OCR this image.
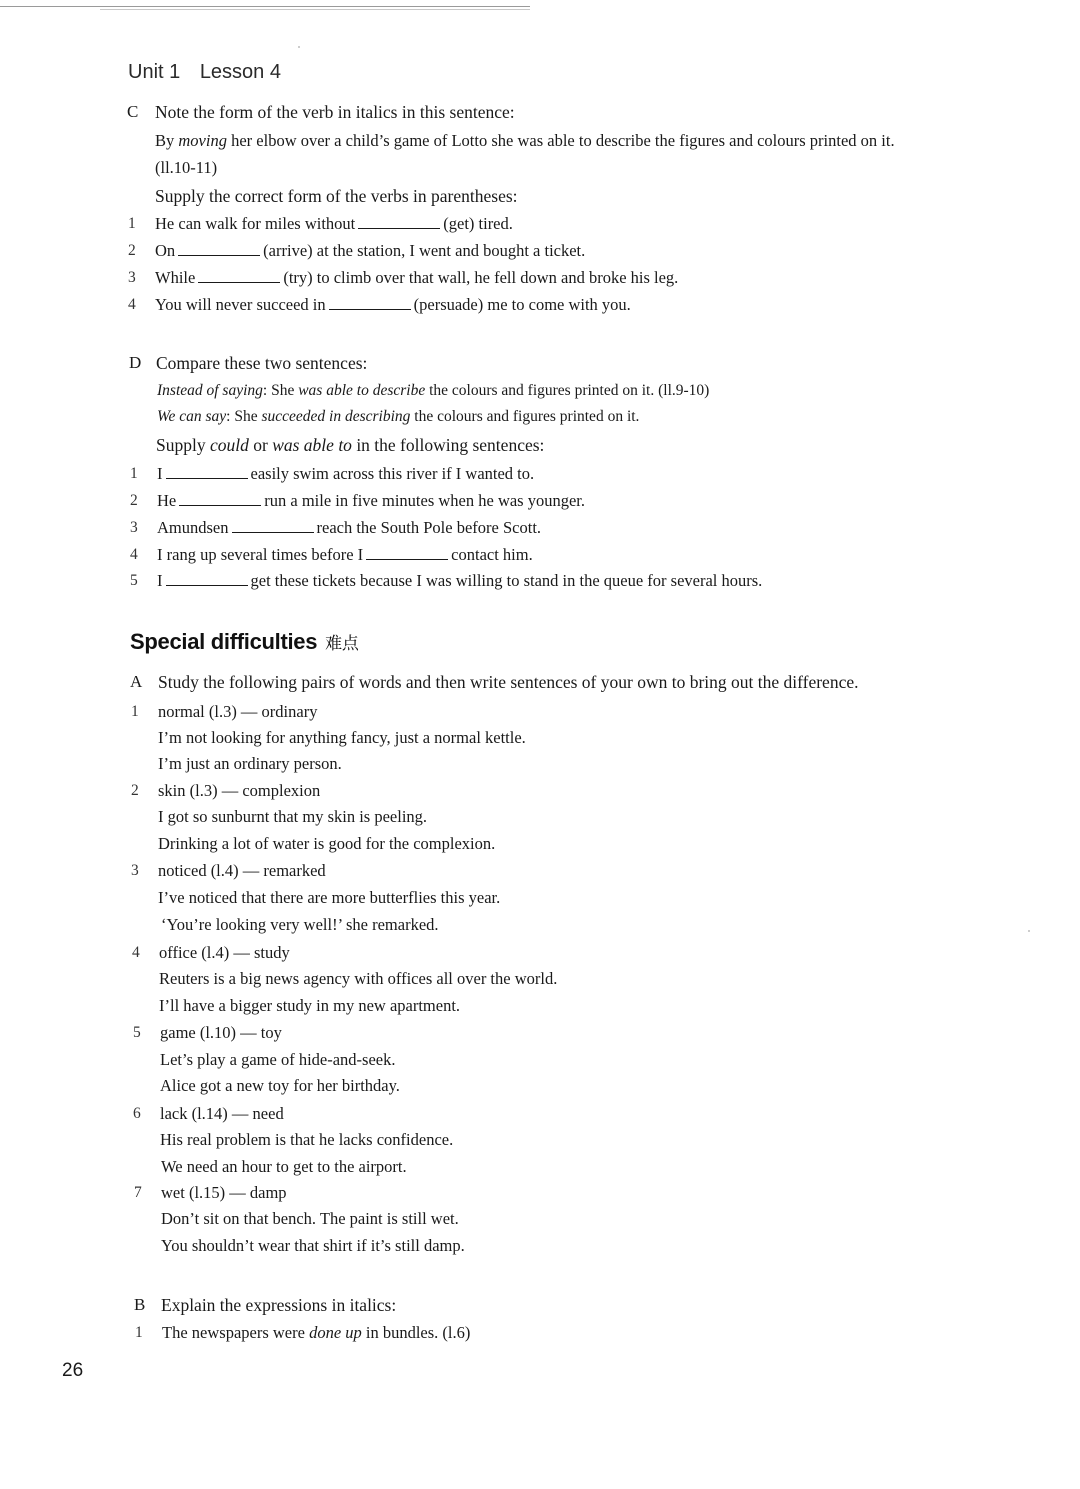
Unit 1 Lesson 4
C Note the form of the verb in italics in this sentence:
By moving her elbow over a child’s game of Lotto she was able to describe the figures and colours printed on it.
(ll.10-11)
Supply the correct form of the verbs in parentheses:
1 He can walk for miles without	(get) tired.
2 On	(arrive) at the station, I went and bought a ticket.
3 While	(try) to climb over that wall, he fell down and broke his leg.
4 You will never succeed in	(persuade) me to come with you.
D Compare these two sentences:
Instead of saying: She was able to describe the colours and figures printed on it. (ll.9-10)
We can say: She succeeded in describing the colours and figures printed on it.
Supply could or was able to in the following sentences:
1 I	easily swim across this river if I wanted to.
2 He	run a mile in five minutes when he was younger.
3 Amundsen	reach the South Pole before Scott.
4 I rang up several times before I	contact him.
5 I	get these tickets because I was willing to stand in the queue for several hours.
Special difficulties 难点
A Study the following pairs of words and then write sentences of your own to bring out the difference.
1 normal (l.3) — ordinary
I’m not looking for anything fancy, just a normal kettle.
I’m just an ordinary person.
2 skin (l.3) — complexion
I got so sunburnt that my skin is peeling.
Drinking a lot of water is good for the complexion.
3 noticed (l.4) — remarked
I’ve noticed that there are more butterflies this year.
‘You’re looking very well!’ she remarked.
4 office (l.4) — study
Reuters is a big news agency with offices all over the world.
I’ll have a bigger study in my new apartment.
5 game (l.10) — toy
Let’s play a game of hide-and-seek.
Alice got a new toy for her birthday.
6 lack (l.14) — need
His real problem is that he lacks confidence.
We need an hour to get to the airport.
7 wet (l.15) — damp
Don’t sit on that bench. The paint is still wet.
You shouldn’t wear that shirt if it’s still damp.
B Explain the expressions in italics:
1 The newspapers were done up in bundles. (l.6)
26
